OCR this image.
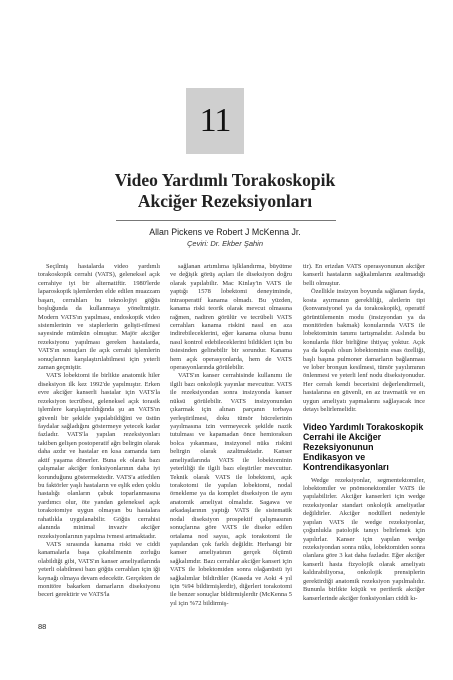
11
Video Yardımlı Torakoskopik
Akciğer Rezeksiyonları
Allan Pickens ve Robert J McKenna Jr.
Çeviri: Dr. Ekber Şahin

Seçilmiş hastalarda video yardımlı torakoskopik cerrahi (VATS), geleneksel açık cerrahiye iyi bir alternatiftir. 1980'lerde laparoskopik işlemlerden elde edilen muazzam başarı, cerrahları bu teknolojiyi göğüs boşluğunda da kullanmaya yöneltmiştir. Modern VATS'ın yapılması, endoskopik video sistemlerinin ve staplerlerin gelişti-rilmesi sayesinde mümkün olmuştur. Majör akciğer rezeksiyonu yapılması gereken hastalarda, VATS'ın sonuçları ile açık cerrahi işlemlerin sonuçlarının karşılaştırılabilmesi için yeterli zaman geçmiştir.

VATS lobektomi ile birlikte anatomik hiler diseksiyon ilk kez 1992'de yapılmıştır. Erken evre akciğer kanserli hastalar için VATS'la rezeksiyon tecrübesi, geleneksel açık torasik işlemlere karşılaştırıldığında şu an VATS'ın güvenli bir şekilde yapılabildiğini ve üstün faydalar sağladığını göstermeye yetecek kadar fazladır. VATS'la yapılan rezeksiyonları takiben gelişen postoperatif ağrı belirgin olarak daha azdır ve hastalar en kısa zamanda tam aktif yaşama dönerler. Buna ek olarak bazı çalışmalar akciğer fonksiyonlarının daha iyi korunduğunu göstermektedir. VATS'a atfedilen bu faktörler yaşlı hastaların ve eşlik eden çoklu hastalığı olanların çabuk toparlanmasına yardımcı olur, öte yandan geleneksel açık torakotomiye uygun olmayan bu hastalara rahatlıkla uygulanabilir. Göğüs cerrahisi alanında minimal invaziv akciğer rezeksiyonlarının yapılma ivmesi artmaktadır.

VATS sırasında kanama riski ve ciddi kanamalarla başa çıkabilmenin zorluğu olabildiği gibi, VATS'ın kanser ameliyatlarında yeterli olabilmesi bazı göğüs cerrahları için iği kaynağı olmaya devam edecektir. Gerçekten de monitöre bakarken damarların diseksiyonu beceri gerektirir ve VATS'la

sağlanan artımlıma işlklandırma, büyütme ve değişik görüş açıları ile diseksiyon doğru olarak yapılabilir. Mac Kinlay'in VATS ile yaptığı 1578 lobektomi deneyiminde, intraoperatif kanama olmadı. Bu yüzden, kanama riski teorik olarak mevcut olmasına rağmen, nadiren görülür ve tecrübeli VATS cerrahları kanama riskini nasıl en aza indirebileceklerini, eğer kanama olursa bunu nasıl kontrol edebileceklerini bildikleri için bu üstesinden gelinebilir bir sorundur. Kanama hem açık operasyonlarda, hem de VATS operasyonlarında görülebilir.

VATS'ın kanser cerrahisinde kullanımı ile ilgili bazı onkolojik yayınlar mevcuttur. VATS ile rezeksiyondan sonra insizyonda kanser nüksü görülebilir. VATS insizyonundan çıkarmak için alınan parçanın torbaya yerleştirilmesi, doku tümör hücrelerinin yayılmasına izin vermeyecek şekilde nazik tutulması ve kapamadan önce hemioraksın bolca yıkanması, insizyonel nüks riskini belirgin olarak azaltmaktadır. Kanser ameliyatlarında VATS ile lobektominin yeterliliği ile ilgili bazı eleştiriler mevcuttur. Teknik olarak VATS ile lobektomi, açık torakotomi ile yapılan lobektomi, nodal örnekleme ya da komplet diseksiyon ile aynı anatomik ameliyat olmalıdır. Sagawa ve arkadaşlarının yaptığı VATS ile sistematik nodal diseksiyon prospektif çalışmasının sonuçlarına göre VATS ile diseke edilen ortalama nod sayısı, açık torakotomi ile yapılandan çok farklı değildir. Herhangi bir kanser ameliyatının gerçek ölçümü sağkalımdır. Bazı cerrahlar akciğer kanseri için VATS ile lobektomiden sonra olağanüstü iyi sağkalımlar bildirdiler (Kaseda ve Aoki 4 yıl için %94 bildirmişlerdir), diğerleri torakotomi ile benzer sonuçlar bildirmişlerdir (McKenna 5 yıl için %72 bildirmiş-

tir). En erizdan VATS operasyonunun akciğer kanserli hastaların sağkalımlarını azaltmadığı belli olmuştur.

Özellikle insizyon boyunda sağlanan fayda, kosta ayırmanın gerekliliği, aletlerin tipi (konvansiyonel ya da torakoskopik), operatif görüntülemenin modu (insizyondan ya da monitörden bakmak) konularında VATS ile lobektominin tanımı tartışmalıdır. Aslında bu konularda fikir birliğine ihtiyaç yoktur. Açık ya da kapalı olsun lobektominin esas özelliği, başlı başına pulmoner damarların bağlanması ve lober bronşun kesilmesi, tümör yayılımının önlenmesi ve yeterli lenf nodu diseksiyonudur. Her cerrah kendi becerisini değerlendirmeli, hastalarına en güvenli, en az travmatik ve en uygun ameliyatı yapmalarını sağlayacak ince detayı belirlemelidir.

Video Yardımlı Torakoskopik Cerrahi ile Akciğer Rezeksiyonunun Endikasyon ve Kontrendikasyonları

Wedge rezeksiyonlar, segmentektomiler, lobektomiler ve pnömonektomiler VATS ile yapılabilirler. Akciğer kanserleri için wedge rezeksiyonlar standart onkolojik ameliyatlar değildirler. Akciğer nodülleri nedeniyle yapılan VATS ile wedge rezeksiyonlar, çoğunlukla patolojik tanıyı belirlemek için yapılırlar. Kanser için yapılan wedge rezeksiyondan sonra nüks, lobektomiden sonra olanlara göre 3 kat daha fazladır. Eğer akciğer kanserli hasta fizyolojik olarak ameliyatı kaldırabiliyorsa, onkolojik prensiplerin gerektirdiği anatomik rezeksiyon yapılmalıdır. Bununla birlikte küçük ve periferik akciğer kanserlerinde akciğer fonksiyonları ciddi kı-

88
